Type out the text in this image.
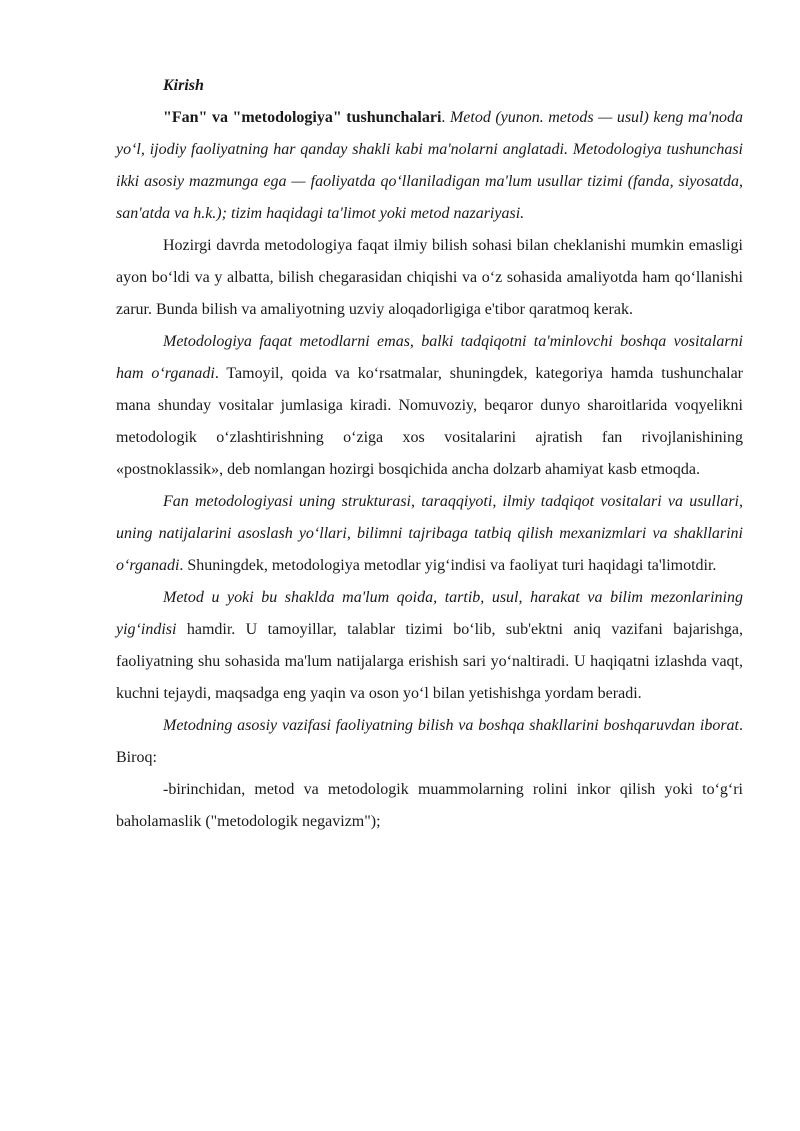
Kirish

"Fan" va "metodologiya" tushunchalari. Metod (yunon. metods — usul) keng ma'noda yo‘l, ijodiy faoliyatning har qanday shakli kabi ma'nolarni anglatadi. Metodologiya tushunchasi ikki asosiy mazmunga ega — faoliyatda qo‘llaniladigan ma'lum usullar tizimi (fanda, siyosatda, san'atda va h.k.); tizim haqidagi ta'limot yoki metod nazariyasi.

Hozirgi davrda metodologiya faqat ilmiy bilish sohasi bilan cheklanishi mumkin emasligi ayon bo‘ldi va y albatta, bilish chegarasidan chiqishi va o‘z sohasida amaliyotda ham qo‘llanishi zarur. Bunda bilish va amaliyotning uzviy aloqadorligiga e'tibor qaratmoq kerak.

Metodologiya faqat metodlarni emas, balki tadqiqotni ta'minlovchi boshqa vositalarni ham o‘rganadi. Tamoyil, qoida va ko‘rsatmalar, shuningdek, kategoriya hamda tushunchalar mana shunday vositalar jumlasiga kiradi. Nomuvoziy, beqaror dunyo sharoitlarida voqyelikni metodologik o‘zlashtirishning o‘ziga xos vositalarini ajratish fan rivojlanishining «postnoklassik», deb nomlangan hozirgi bosqichida ancha dolzarb ahamiyat kasb etmoqda.

Fan metodologiyasi uning strukturasi, taraqqiyoti, ilmiy tadqiqot vositalari va usullari, uning natijalarini asoslash yo‘llari, bilimni tajribaga tatbiq qilish mexanizmlari va shakllarini o‘rganadi. Shuningdek, metodologiya metodlar yig‘indisi va faoliyat turi haqidagi ta'limotdir.

Metod u yoki bu shaklda ma'lum qoida, tartib, usul, harakat va bilim mezonlarining yig‘indisi hamdir. U tamoyillar, talablar tizimi bo‘lib, sub'ektni aniq vazifani bajarishga, faoliyatning shu sohasida ma'lum natijalarga erishish sari yo‘naltiradi. U haqiqatni izlashda vaqt, kuchni tejaydi, maqsadga eng yaqin va oson yo‘l bilan yetishishga yordam beradi.

Metodning asosiy vazifasi faoliyatning bilish va boshqa shakllarini boshqaruvdan iborat. Biroq:

-birinchidan, metod va metodologik muammolarning rolini inkor qilish yoki to‘g‘ri baholamaslik ("metodologik negavizm");
